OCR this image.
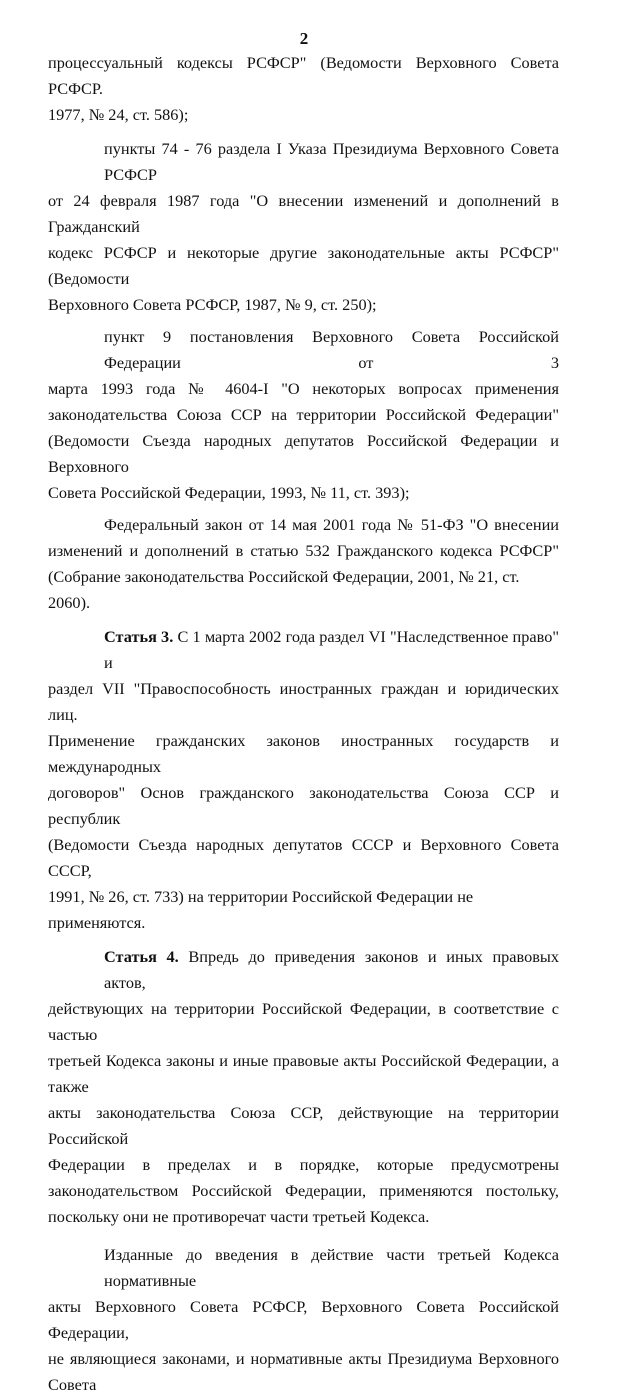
2

процессуальный кодексы РСФСР" (Ведомости Верховного Совета РСФСР.

1977, № 24, ст. 586);

пункты 74 - 76 раздела I Указа Президиума Верховного Совета РСФСР

от 24 февраля 1987 года "О внесении изменений и дополнений в Гражданский

кодекс РСФСР и некоторые другие законодательные акты РСФСР" (Ведомости

Верховного Совета РСФСР, 1987, № 9, ст. 250);

пункт 9 постановления Верховного Совета Российской Федерации от 3

марта 1993 года № 4604-I "О некоторых вопросах применения

законодательства Союза ССР на территории Российской Федерации"

(Ведомости Съезда народных депутатов Российской Федерации и Верховного

Совета Российской Федерации, 1993, № 11, ст. 393);

Федеральный закон от 14 мая 2001 года № 51-ФЗ "О внесении

изменений и дополнений в статью 532 Гражданского кодекса РСФСР"

(Собрание законодательства Российской Федерации, 2001, № 21, ст. 2060).

Статья 3. С 1 марта 2002 года раздел VI "Наследственное право" и

раздел VII "Правоспособность иностранных граждан и юридических лиц.

Применение гражданских законов иностранных государств и международных

договоров" Основ гражданского законодательства Союза ССР и республик

(Ведомости Съезда народных депутатов СССР и Верховного Совета СССР,

1991, № 26, ст. 733) на территории Российской Федерации не применяются.

Статья 4. Впредь до приведения законов и иных правовых актов,

действующих на территории Российской Федерации, в соответствие с частью

третьей Кодекса законы и иные правовые акты Российской Федерации, а также

акты законодательства Союза ССР, действующие на территории Российской

Федерации в пределах и в порядке, которые предусмотрены

законодательством Российской Федерации, применяются постольку,

поскольку они не противоречат части третьей Кодекса.

Изданные до введения в действие части третьей Кодекса нормативные

акты Верховного Совета РСФСР, Верховного Совета Российской Федерации,

не являющиеся законами, и нормативные акты Президиума Верховного Совета
